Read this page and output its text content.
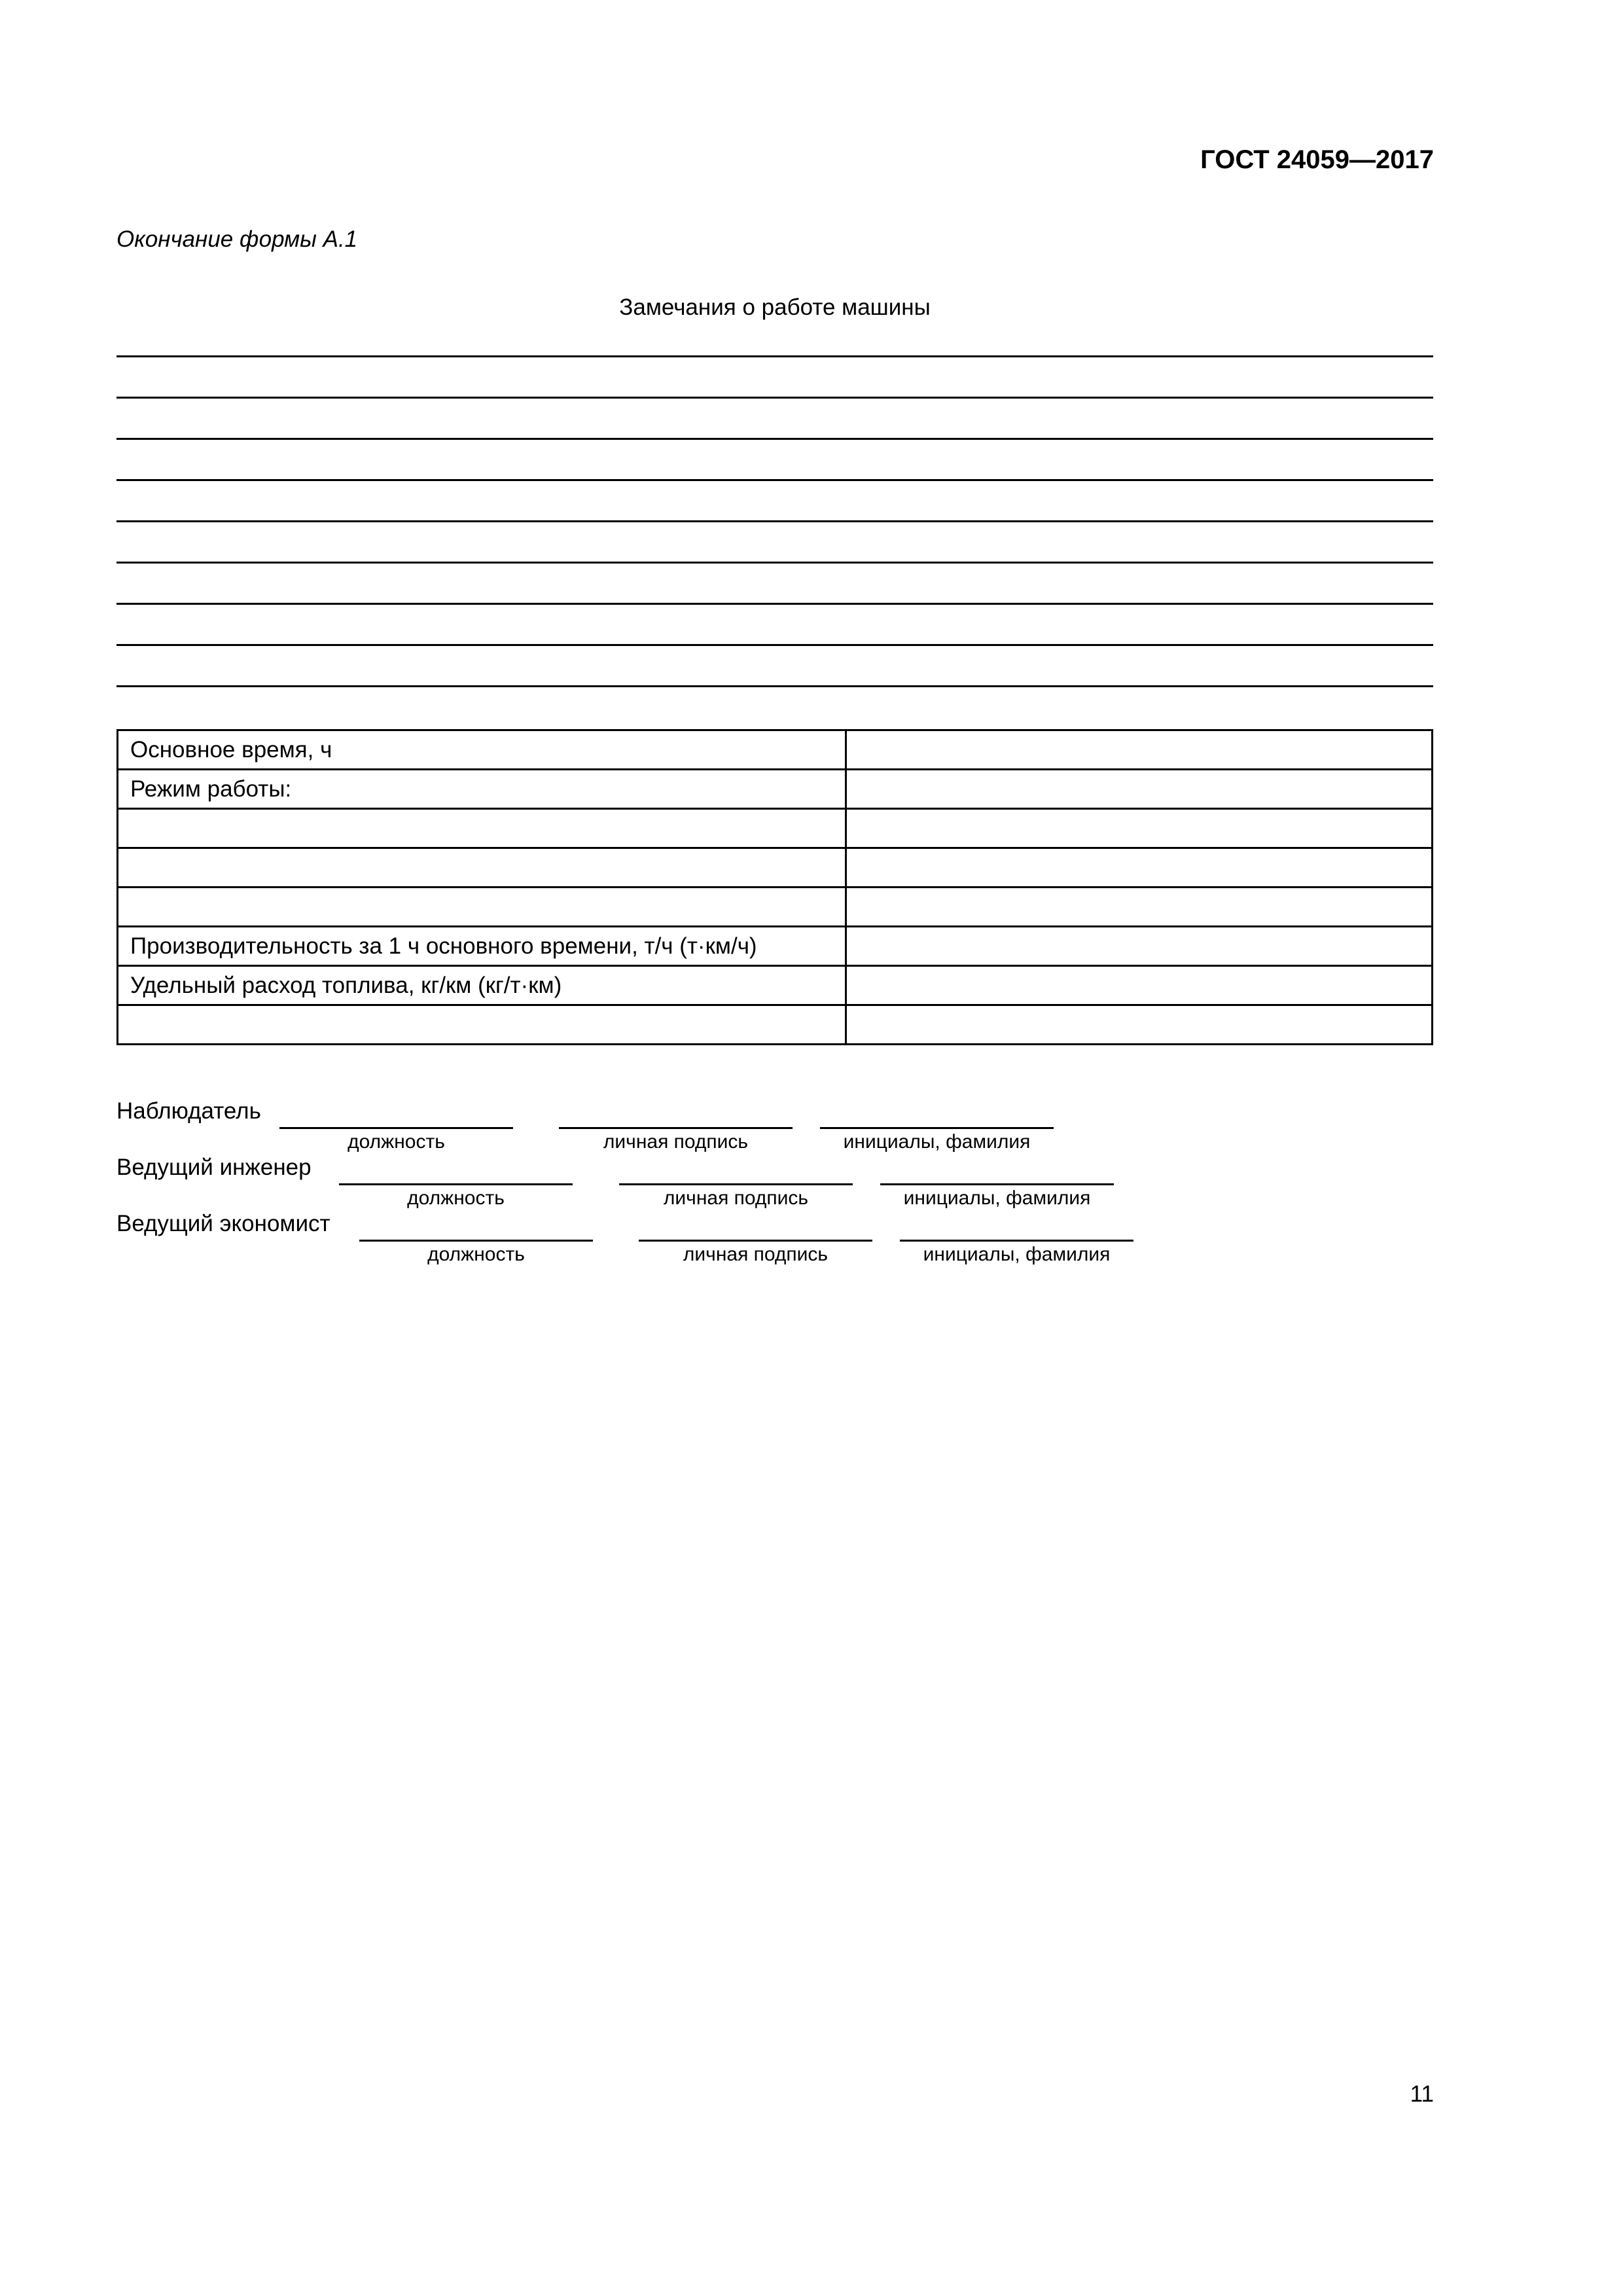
ГОСТ 24059—2017
Окончание формы А.1
Замечания о работе машины
Основное время, ч	
Режим работы:	

Производительность за 1 ч основного времени, т/ч (т·км/ч)	
Удельный расход топлива, кг/км (кг/т·км)	

Наблюдатель
должность	личная подпись	инициалы, фамилия
Ведущий инженер
должность	личная подпись	инициалы, фамилия
Ведущий экономист
должность	личная подпись	инициалы, фамилия
11
